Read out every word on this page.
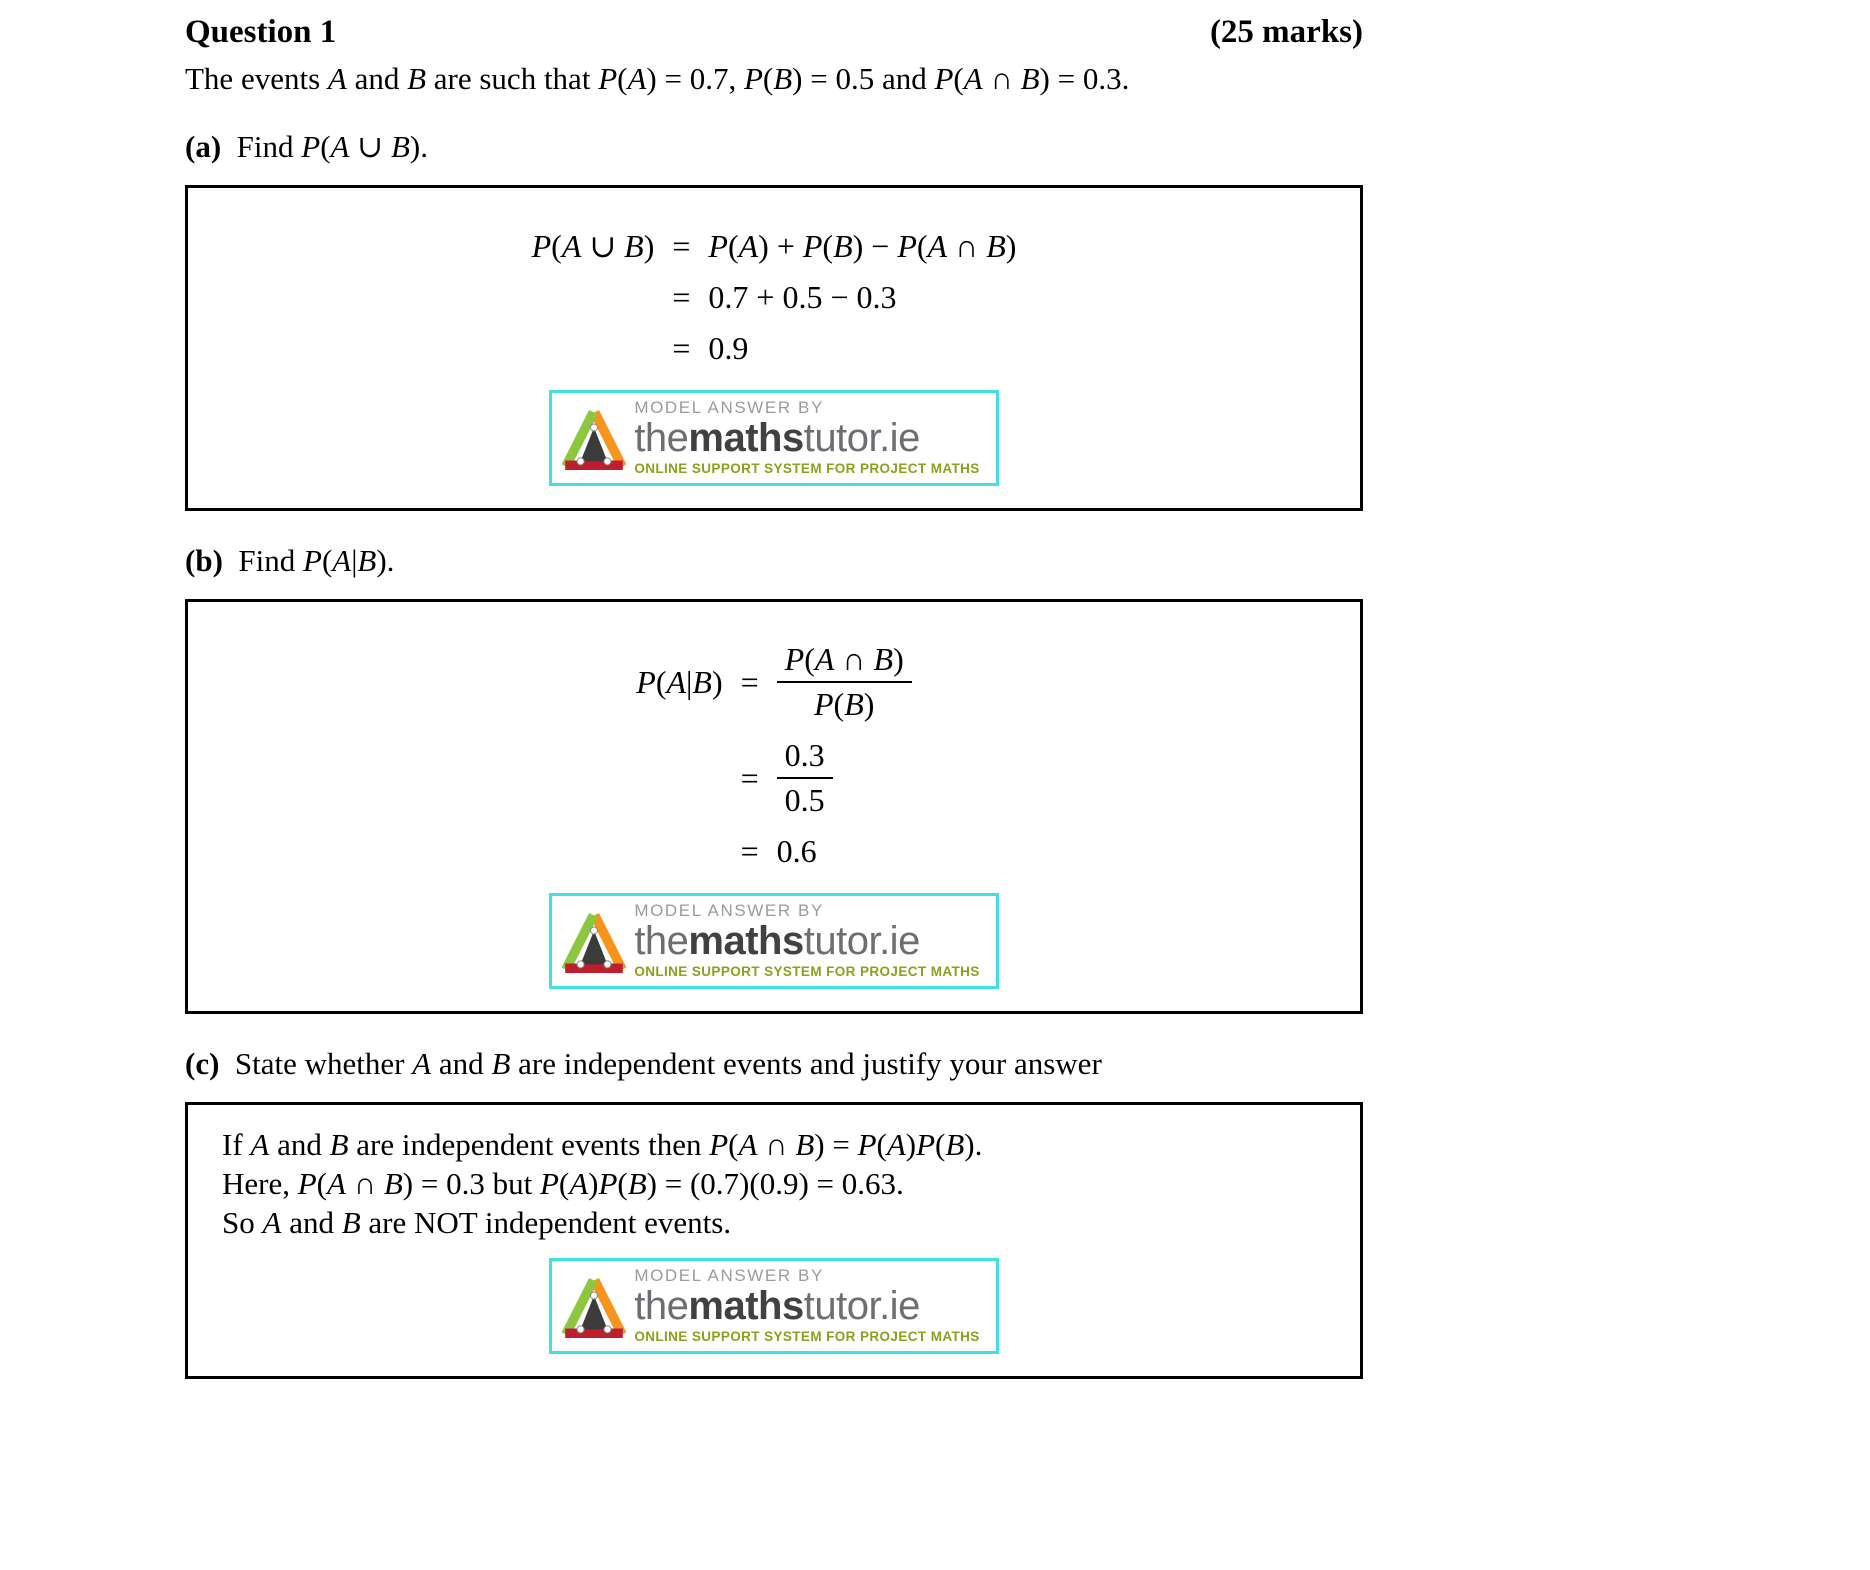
Question 1	(25 marks)
The events A and B are such that P(A) = 0.7, P(B) = 0.5 and P(A ∩ B) = 0.3.
(a)  Find P(A ∪ B).
P(A ∪ B)	=	P(A) + P(B) − P(A ∩ B)
	=	0.7 + 0.5 − 0.3
	=	0.9
MODEL ANSWER BY
themathstutor.ie
ONLINE SUPPORT SYSTEM FOR PROJECT MATHS
(b)  Find P(A|B).
P(A|B)	=	$\frac{P(A \cap B)}{P(B)}$

	=	$\frac{0.3}{0.5}$

	=	0.6
MODEL ANSWER BY
themathstutor.ie
ONLINE SUPPORT SYSTEM FOR PROJECT MATHS
(c)  State whether A and B are independent events and justify your answer
If A and B are independent events then P(A ∩ B) = P(A)P(B).
Here, P(A ∩ B) = 0.3 but P(A)P(B) = (0.7)(0.9) = 0.63.
So A and B are NOT independent events.
MODEL ANSWER BY
themathstutor.ie
ONLINE SUPPORT SYSTEM FOR PROJECT MATHS
